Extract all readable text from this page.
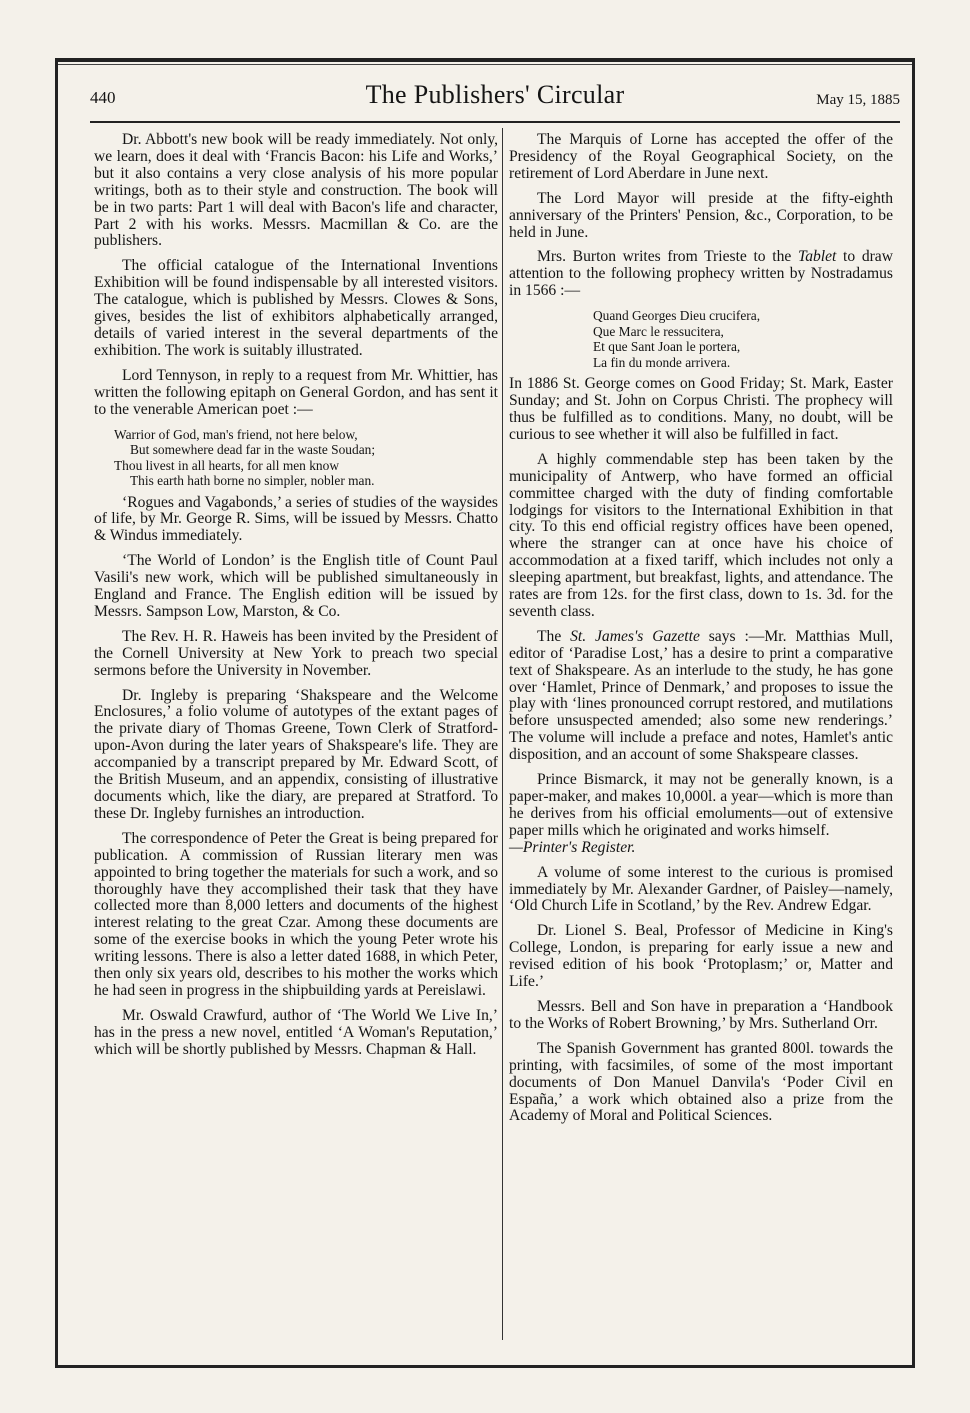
440	The Publishers' Circular	May 15, 1885

Dr. Abbott's new book will be ready immediately. Not only, we learn, does it deal with ‘Francis Bacon: his Life and Works,’ but it also contains a very close analysis of his more popular writings, both as to their style and construction. The book will be in two parts: Part 1 will deal with Bacon's life and character, Part 2 with his works. Messrs. Macmillan & Co. are the publishers.

The official catalogue of the International Inventions Exhibition will be found indispensable by all interested visitors. The catalogue, which is published by Messrs. Clowes & Sons, gives, besides the list of exhibitors alphabetically arranged, details of varied interest in the several departments of the exhibition. The work is suitably illustrated.

Lord Tennyson, in reply to a request from Mr. Whittier, has written the following epitaph on General Gordon, and has sent it to the venerable American poet :—

Warrior of God, man's friend, not here below,
But somewhere dead far in the waste Soudan;
Thou livest in all hearts, for all men know
This earth hath borne no simpler, nobler man.

‘Rogues and Vagabonds,’ a series of studies of the waysides of life, by Mr. George R. Sims, will be issued by Messrs. Chatto & Windus immediately.

‘The World of London’ is the English title of Count Paul Vasili's new work, which will be published simultaneously in England and France. The English edition will be issued by Messrs. Sampson Low, Marston, & Co.

The Rev. H. R. Haweis has been invited by the President of the Cornell University at New York to preach two special sermons before the University in November.

Dr. Ingleby is preparing ‘Shakspeare and the Welcome Enclosures,’ a folio volume of autotypes of the extant pages of the private diary of Thomas Greene, Town Clerk of Stratford-upon-Avon during the later years of Shakspeare's life. They are accompanied by a transcript prepared by Mr. Edward Scott, of the British Museum, and an appendix, consisting of illustrative documents which, like the diary, are prepared at Stratford. To these Dr. Ingleby furnishes an introduction.

The correspondence of Peter the Great is being prepared for publication. A commission of Russian literary men was appointed to bring together the materials for such a work, and so thoroughly have they accomplished their task that they have collected more than 8,000 letters and documents of the highest interest relating to the great Czar. Among these documents are some of the exercise books in which the young Peter wrote his writing lessons. There is also a letter dated 1688, in which Peter, then only six years old, describes to his mother the works which he had seen in progress in the shipbuilding yards at Pereislawi.

Mr. Oswald Crawfurd, author of ‘The World We Live In,’ has in the press a new novel, entitled ‘A Woman's Reputation,’ which will be shortly published by Messrs. Chapman & Hall.

The Marquis of Lorne has accepted the offer of the Presidency of the Royal Geographical Society, on the retirement of Lord Aberdare in June next.

The Lord Mayor will preside at the fifty-eighth anniversary of the Printers' Pension, &c., Corporation, to be held in June.

Mrs. Burton writes from Trieste to the Tablet to draw attention to the following prophecy written by Nostradamus in 1566 :—

Quand Georges Dieu crucifera,
Que Marc le ressucitera,
Et que Sant Joan le portera,
La fin du monde arrivera.

In 1886 St. George comes on Good Friday; St. Mark, Easter Sunday; and St. John on Corpus Christi. The prophecy will thus be fulfilled as to conditions. Many, no doubt, will be curious to see whether it will also be fulfilled in fact.

A highly commendable step has been taken by the municipality of Antwerp, who have formed an official committee charged with the duty of finding comfortable lodgings for visitors to the International Exhibition in that city. To this end official registry offices have been opened, where the stranger can at once have his choice of accommodation at a fixed tariff, which includes not only a sleeping apartment, but breakfast, lights, and attendance. The rates are from 12s. for the first class, down to 1s. 3d. for the seventh class.

The St. James's Gazette says :—Mr. Matthias Mull, editor of ‘Paradise Lost,’ has a desire to print a comparative text of Shakspeare. As an interlude to the study, he has gone over ‘Hamlet, Prince of Denmark,’ and proposes to issue the play with ‘lines pronounced corrupt restored, and mutilations before unsuspected amended; also some new renderings.’ The volume will include a preface and notes, Hamlet's antic disposition, and an account of some Shakspeare classes.

Prince Bismarck, it may not be generally known, is a paper-maker, and makes 10,000l. a year—which is more than he derives from his official emoluments—out of extensive paper mills which he originated and works himself.
—Printer's Register.

A volume of some interest to the curious is promised immediately by Mr. Alexander Gardner, of Paisley—namely, ‘Old Church Life in Scotland,’ by the Rev. Andrew Edgar.

Dr. Lionel S. Beal, Professor of Medicine in King's College, London, is preparing for early issue a new and revised edition of his book ‘Protoplasm;’ or, Matter and Life.’

Messrs. Bell and Son have in preparation a ‘Handbook to the Works of Robert Browning,’ by Mrs. Sutherland Orr.

The Spanish Government has granted 800l. towards the printing, with facsimiles, of some of the most important documents of Don Manuel Danvila's ‘Poder Civil en España,’ a work which obtained also a prize from the Academy of Moral and Political Sciences.
